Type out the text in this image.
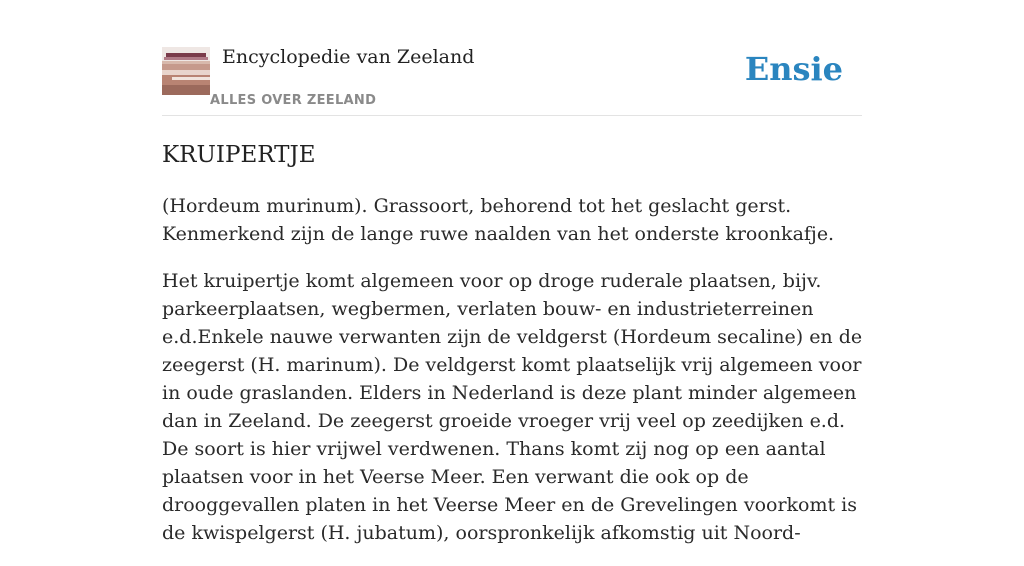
Encyclopedie van Zeeland
ALLES OVER ZEELAND
Ensie
KRUIPERTJE

(Hordeum murinum). Grassoort, behorend tot het geslacht gerst. Kenmerkend zijn de lange ruwe naalden van het onderste kroonkafje.

Het kruipertje komt algemeen voor op droge ruderale plaatsen, bijv. parkeerplaatsen, wegbermen, verlaten bouw- en industrieterreinen e.d.Enkele nauwe verwanten zijn de veldgerst (Hordeum secaline) en de zeegerst (H. marinum). De veldgerst komt plaatselijk vrij algemeen voor in oude graslanden. Elders in Nederland is deze plant minder algemeen dan in Zeeland. De zeegerst groeide vroeger vrij veel op zeedijken e.d. De soort is hier vrijwel verdwenen. Thans komt zij nog op een aantal plaatsen voor in het Veerse Meer. Een verwant die ook op de drooggevallen platen in het Veerse Meer en de Grevelingen voorkomt is de kwispelgerst (H. jubatum), oorspronkelijk afkomstig uit Noord-
